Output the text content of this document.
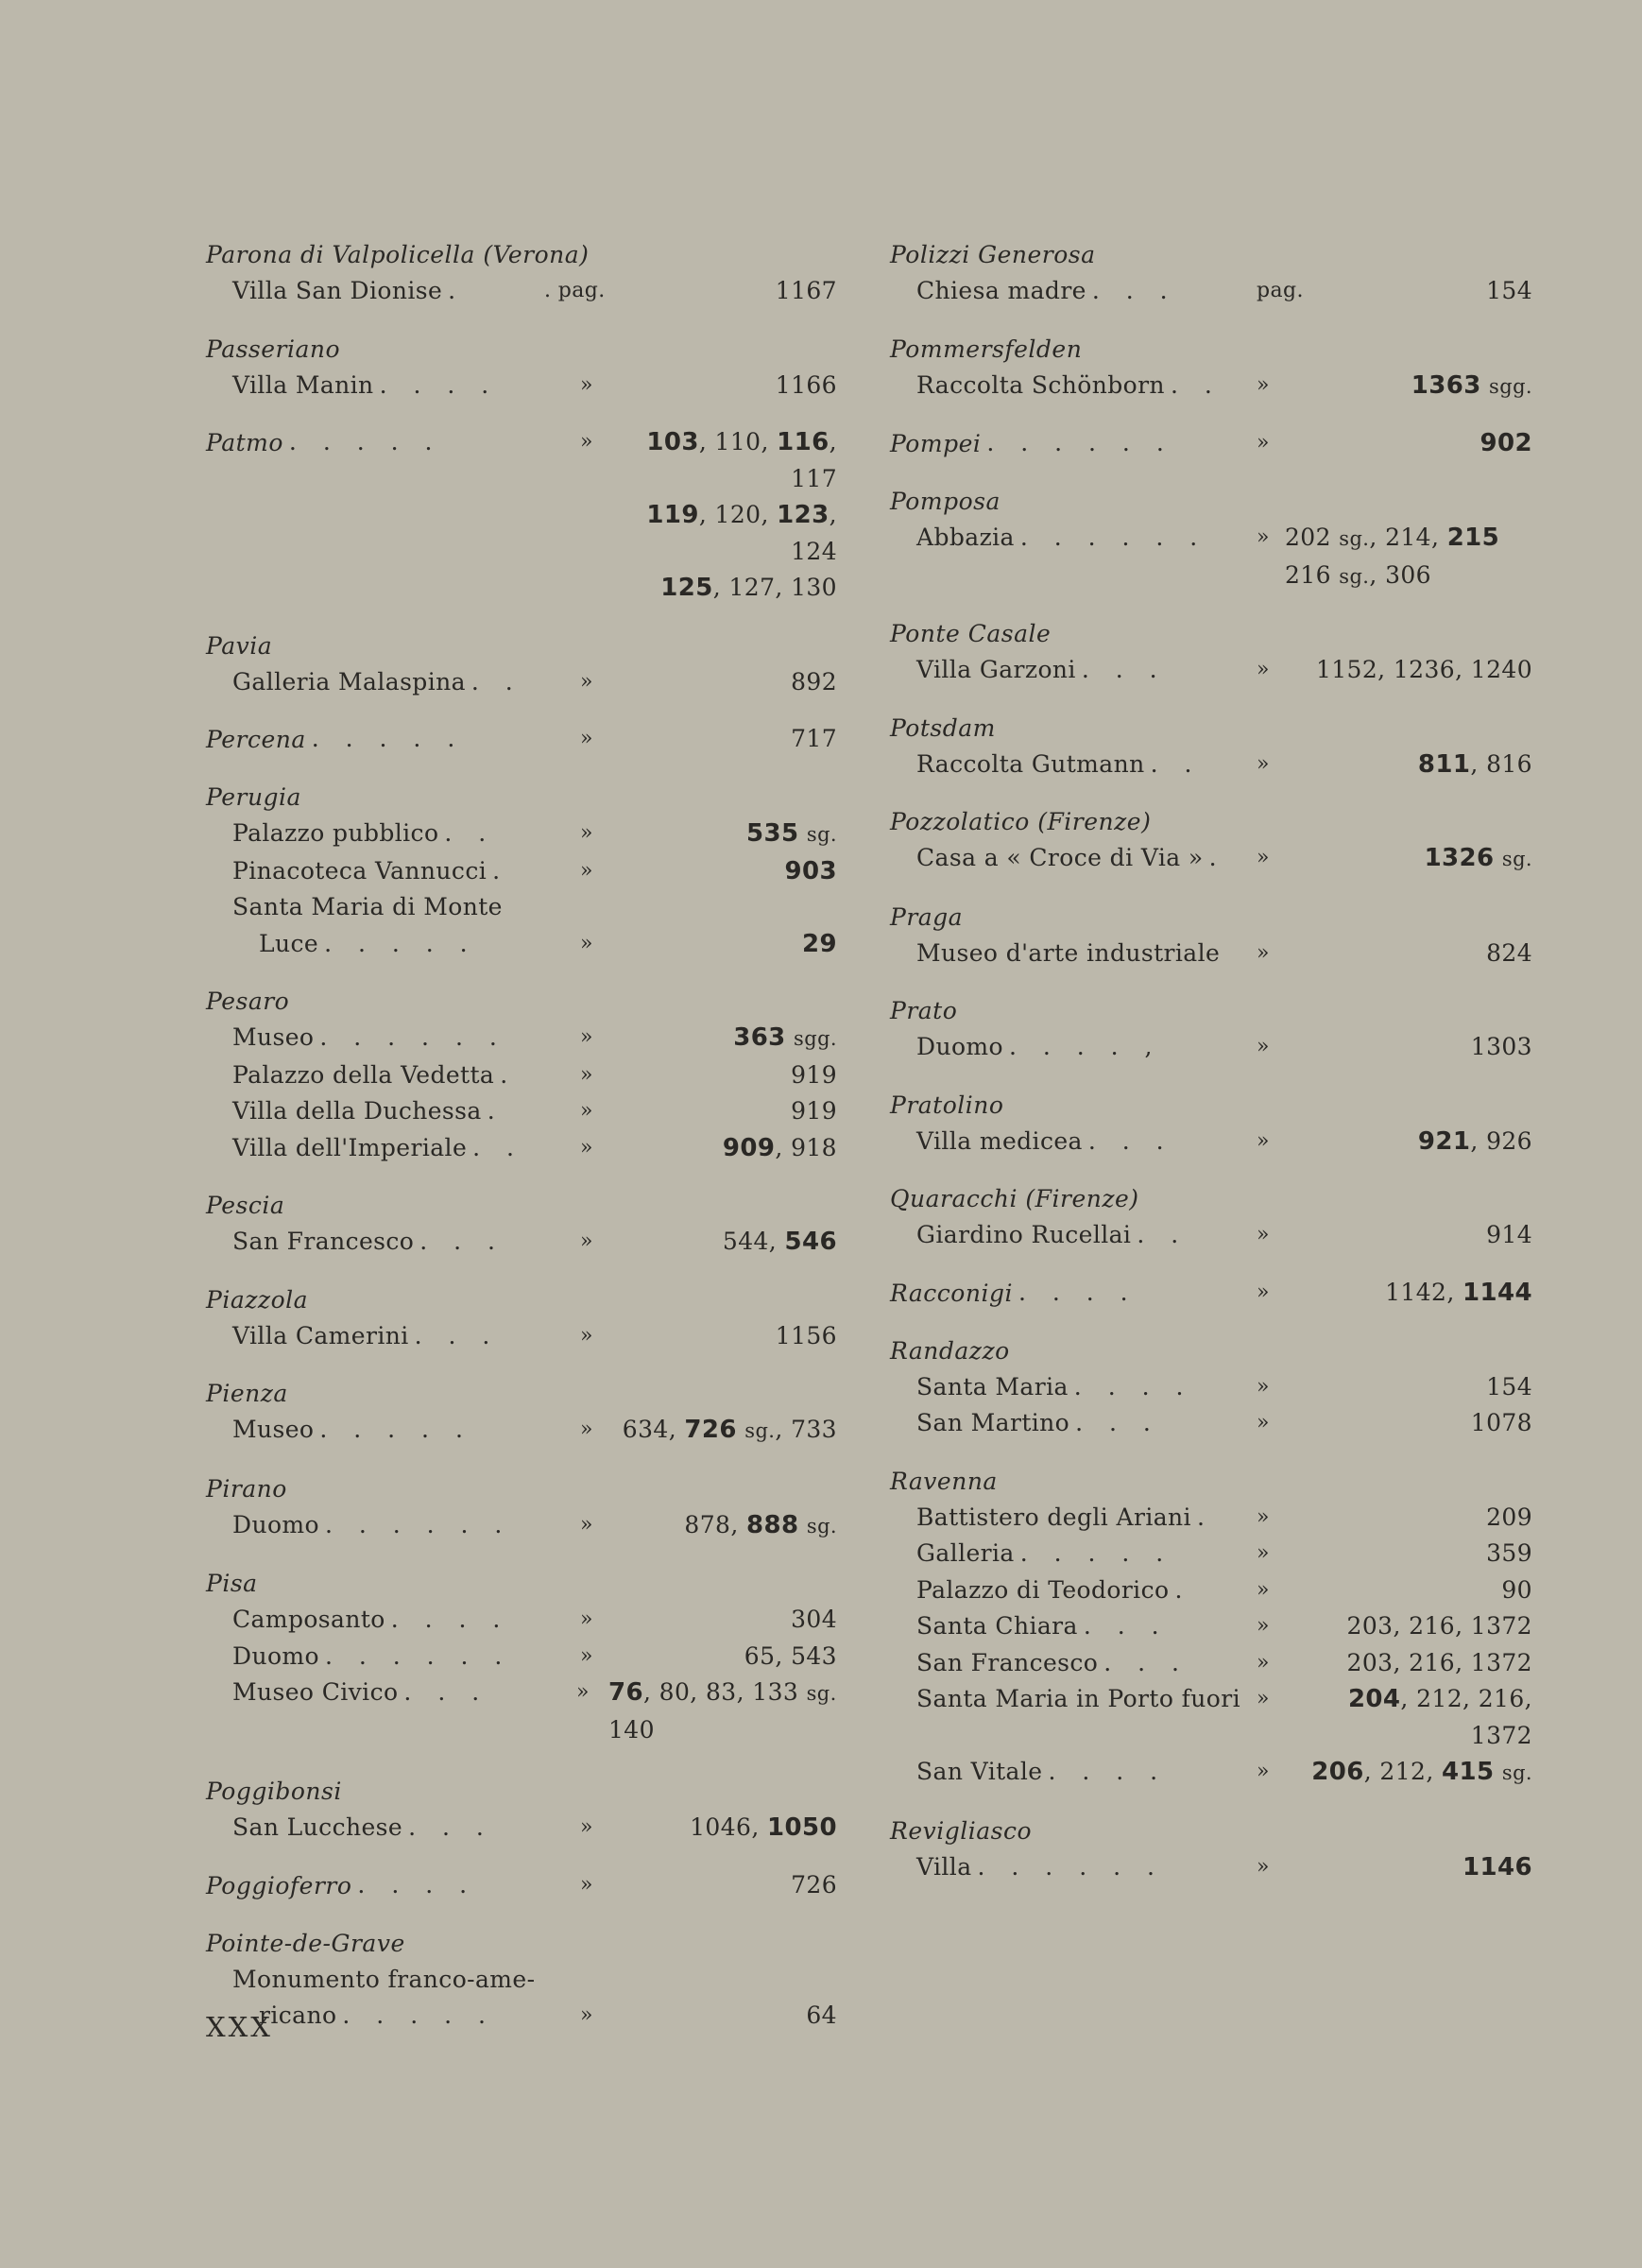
Parona di Valpolicella (Verona)
Villa San Dionise .	. pag.	1167
Passeriano
Villa Manin . . . .	»	1166
Patmo . . . . .	»	103, 110, 116, 117
119, 120, 123, 124
125, 127, 130
Pavia
Galleria Malaspina . .	»	892
Percena . . . . .	»	717
Perugia
Palazzo pubblico . .	»	535 sg.
Pinacoteca Vannucci .	»	903
Santa Maria di Monte
Luce . . . . .	»	29
Pesaro
Museo . . . . . .	»	363 sgg.
Palazzo della Vedetta .	»	919
Villa della Duchessa .	»	919
Villa dell'Imperiale . .	»	909, 918
Pescia
San Francesco . . .	»	544, 546
Piazzola
Villa Camerini . . .	»	1156
Pienza
Museo . . . . .	»	634, 726 sg., 733
Pirano
Duomo . . . . . .	»	878, 888 sg.
Pisa
Camposanto . . . .	»	304
Duomo . . . . . .	»	65, 543
Museo Civico . . .	» 76, 80, 83, 133 sg.
140
Poggibonsi
San Lucchese . . .	»	1046, 1050
Poggioferro . . . .	»	726
Pointe-de-Grave
Monumento franco-ame-
ricano . . . . .	»	64
Polizzi Generosa
Chiesa madre . . .	pag.	154
Pommersfelden
Raccolta Schönborn . . »	1363 sgg.
Pompei . . . . . .	»	902
Pomposa
Abbazia . . . . . . » 202 sg., 214, 215
216 sg., 306
Ponte Casale
Villa Garzoni . . .	»	1152, 1236, 1240
Potsdam
Raccolta Gutmann . .	»	811, 816
Pozzolatico (Firenze)
Casa a « Croce di Via » . »	1326 sg.
Praga
Museo d'arte industriale »	824
Prato
Duomo . . . . ,	»	1303
Pratolino
Villa medicea . . .	»	921, 926
Quaracchi (Firenze)
Giardino Rucellai . .	»	914
Racconigi . . . .	»	1142, 1144
Randazzo
Santa Maria . . . .	»	154
San Martino . . .	»	1078
Ravenna
Battistero degli Ariani . »	209
Galleria . . . . .	»	359
Palazzo di Teodorico .	»	90
Santa Chiara . . .	»	203, 216, 1372
San Francesco . . .	»	203, 216, 1372
Santa Maria in Porto fuori »	204, 212, 216, 1372
San Vitale . . . .	»	206, 212, 415 sg.
Revigliasco
Villa . . . . . .	»	1146
XXX
